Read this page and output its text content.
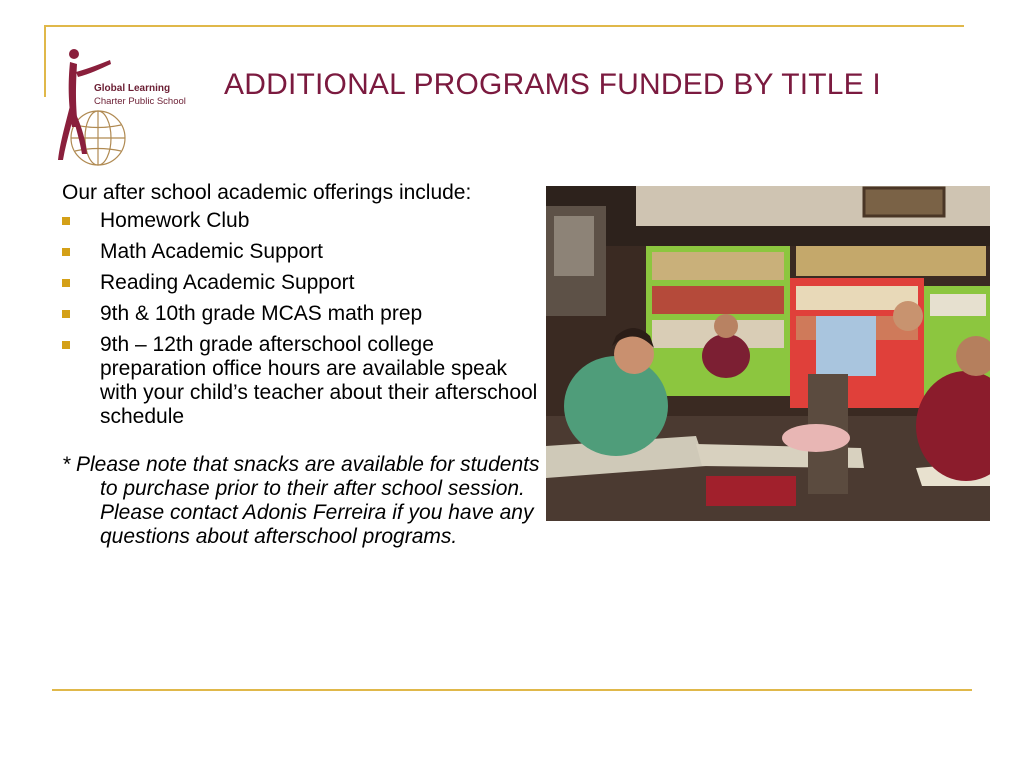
Global Learning
Charter Public School
ADDITIONAL PROGRAMS FUNDED BY TITLE I

Our after school academic offerings include:

Homework Club
Math Academic Support
Reading Academic Support
9th & 10th grade MCAS math prep
9th – 12th grade afterschool college preparation office hours are available speak with your child’s teacher about their afterschool schedule

* Please note that snacks are available for students to purchase prior to their after school session. Please contact Adonis Ferreira if you have any questions about afterschool programs.
